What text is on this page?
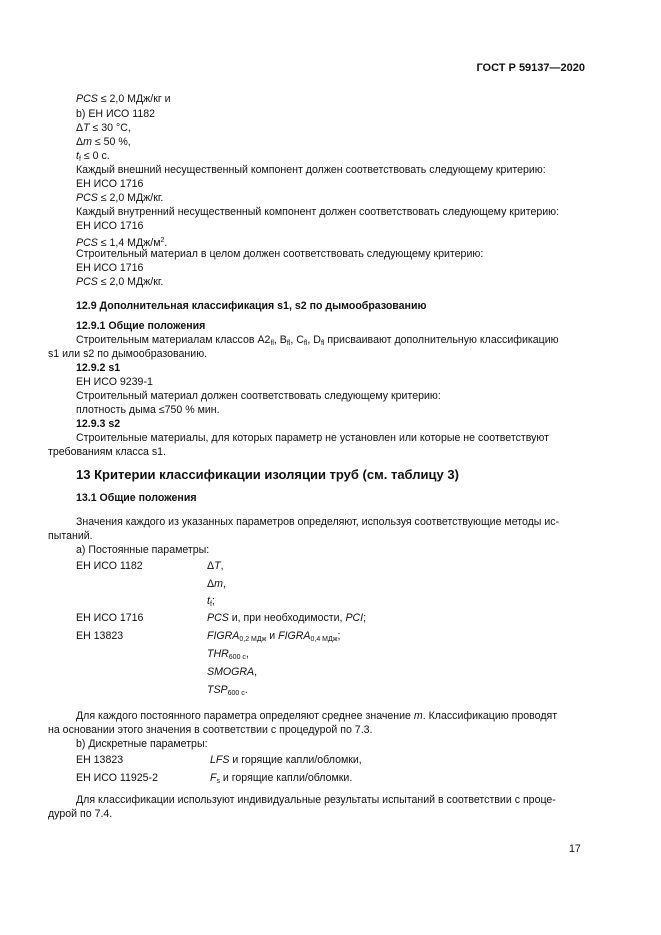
ГОСТ Р 59137—2020
PCS ≤ 2,0 МДж/кг и
b) ЕН ИСО 1182
ΔT ≤ 30 °С,
Δm ≤ 50 %,
$t_f \le 0$ с.
Каждый внешний несущественный компонент должен соответствовать следующему критерию:
ЕН ИСО 1716
PCS ≤ 2,0 МДж/кг.
Каждый внутренний несущественный компонент должен соответствовать следующему критерию:
ЕН ИСО 1716
PCS ≤ 1,4 МДж/$м^2$.
Строительный материал в целом должен соответствовать следующему критерию:
ЕН ИСО 1716
PCS ≤ 2,0 МДж/кг.
12.9 Дополнительная классификация s1, s2 по дымообразованию
12.9.1 Общие положения
Строительным материалам классов $A2_{fl}$, $B_{fl}$, $C_{fl}$, $D_{fl}$ присваивают дополнительную классификацию
s1 или s2 по дымообразованию.
12.9.2 s1
ЕН ИСО 9239-1
Строительный материал должен соответствовать следующему критерию:
плотность дыма ≤750 % мин.
12.9.3 s2
Строительные материалы, для которых параметр не установлен или которые не соответствуют
требованиям класса s1.
13 Критерии классификации изоляции труб (см. таблицу 3)
13.1 Общие положения
Значения каждого из указанных параметров определяют, используя соответствующие методы ис-
пытаний.
a) Постоянные параметры:
ЕН ИСО 1182	ΔT,
Δm,
$t_f$;
ЕН ИСО 1716	PCS и, при необходимости, PCI;
ЕН 13823	$FIGRA_{0,2 МДж}$ и $FIGRA_{0,4 МДж}$;
$THR_{600 с}$,
SMOGRA,
$TSP_{600 с}$.
Для каждого постоянного параметра определяют среднее значение m. Классификацию проводят
на основании этого значения в соответствии с процедурой по 7.3.
b) Дискретные параметры:
ЕН 13823	LFS и горящие капли/обломки,
ЕН ИСО 11925-2	$F_s$ и горящие капли/обломки.
Для классификации используют индивидуальные результаты испытаний в соответствии с проце-
дурой по 7.4.
17
